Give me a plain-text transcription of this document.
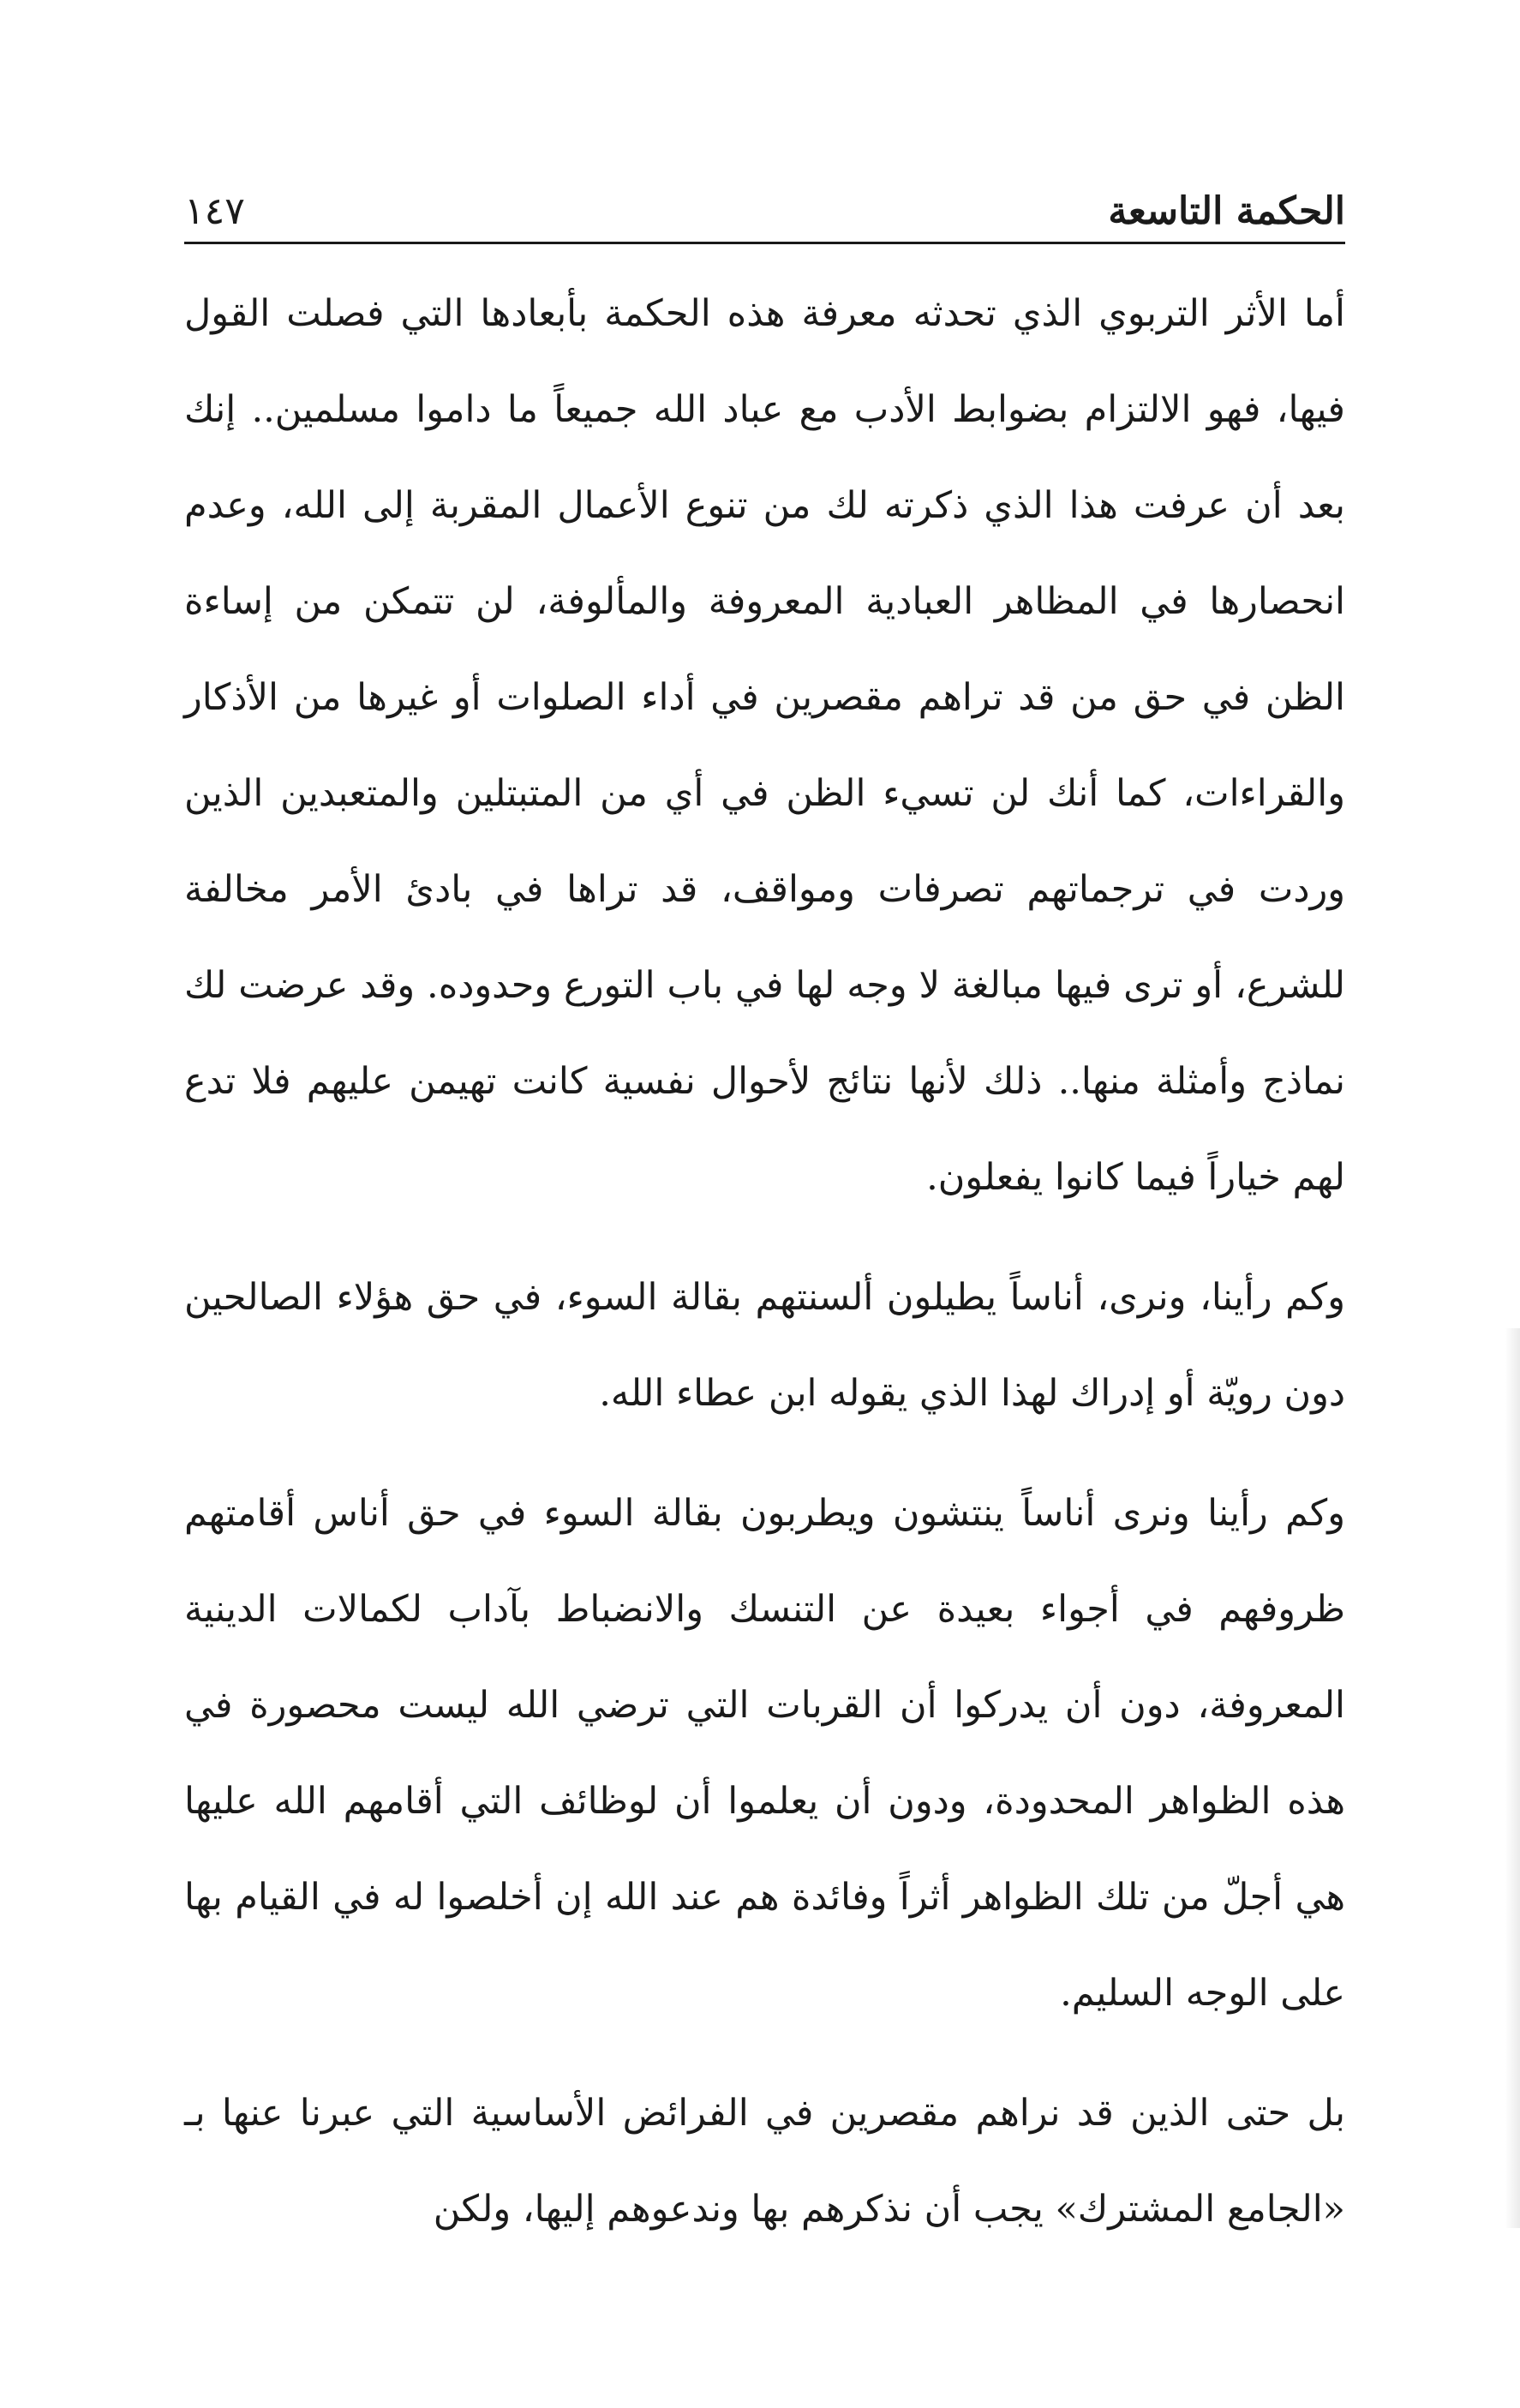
الحكمة التاسعة
١٤٧

أما الأثر التربوي الذي تحدثه معرفة هذه الحكمة بأبعادها التي فصلت القول فيها، فهو الالتزام بضوابط الأدب مع عباد الله جميعاً ما داموا مسلمين.. إنك بعد أن عرفت هذا الذي ذكرته لك من تنوع الأعمال المقربة إلى الله، وعدم انحصارها في المظاهر العبادية المعروفة والمألوفة، لن تتمكن من إساءة الظن في حق من قد تراهم مقصرين في أداء الصلوات أو غيرها من الأذكار والقراءات، كما أنك لن تسيء الظن في أي من المتبتلين والمتعبدين الذين وردت في ترجماتهم تصرفات ومواقف، قد تراها في بادئ الأمر مخالفة للشرع، أو ترى فيها مبالغة لا وجه لها في باب التورع وحدوده. وقد عرضت لك نماذج وأمثلة منها.. ذلك لأنها نتائج لأحوال نفسية كانت تهيمن عليهم فلا تدع لهم خياراً فيما كانوا يفعلون.

وكم رأينا، ونرى، أناساً يطيلون ألسنتهم بقالة السوء، في حق هؤلاء الصالحين دون رويّة أو إدراك لهذا الذي يقوله ابن عطاء الله.

وكم رأينا ونرى أناساً ينتشون ويطربون بقالة السوء في حق أناس أقامتهم ظروفهم في أجواء بعيدة عن التنسك والانضباط بآداب لكمالات الدينية المعروفة، دون أن يدركوا أن القربات التي ترضي الله ليست محصورة في هذه الظواهر المحدودة، ودون أن يعلموا أن لوظائف التي أقامهم الله عليها هي أجلّ من تلك الظواهر أثراً وفائدة هم عند الله إن أخلصوا له في القيام بها على الوجه السليم.

بل حتى الذين قد نراهم مقصرين في الفرائض الأساسية التي عبرنا عنها بـ «الجامع المشترك» يجب أن نذكرهم بها وندعوهم إليها، ولكن
